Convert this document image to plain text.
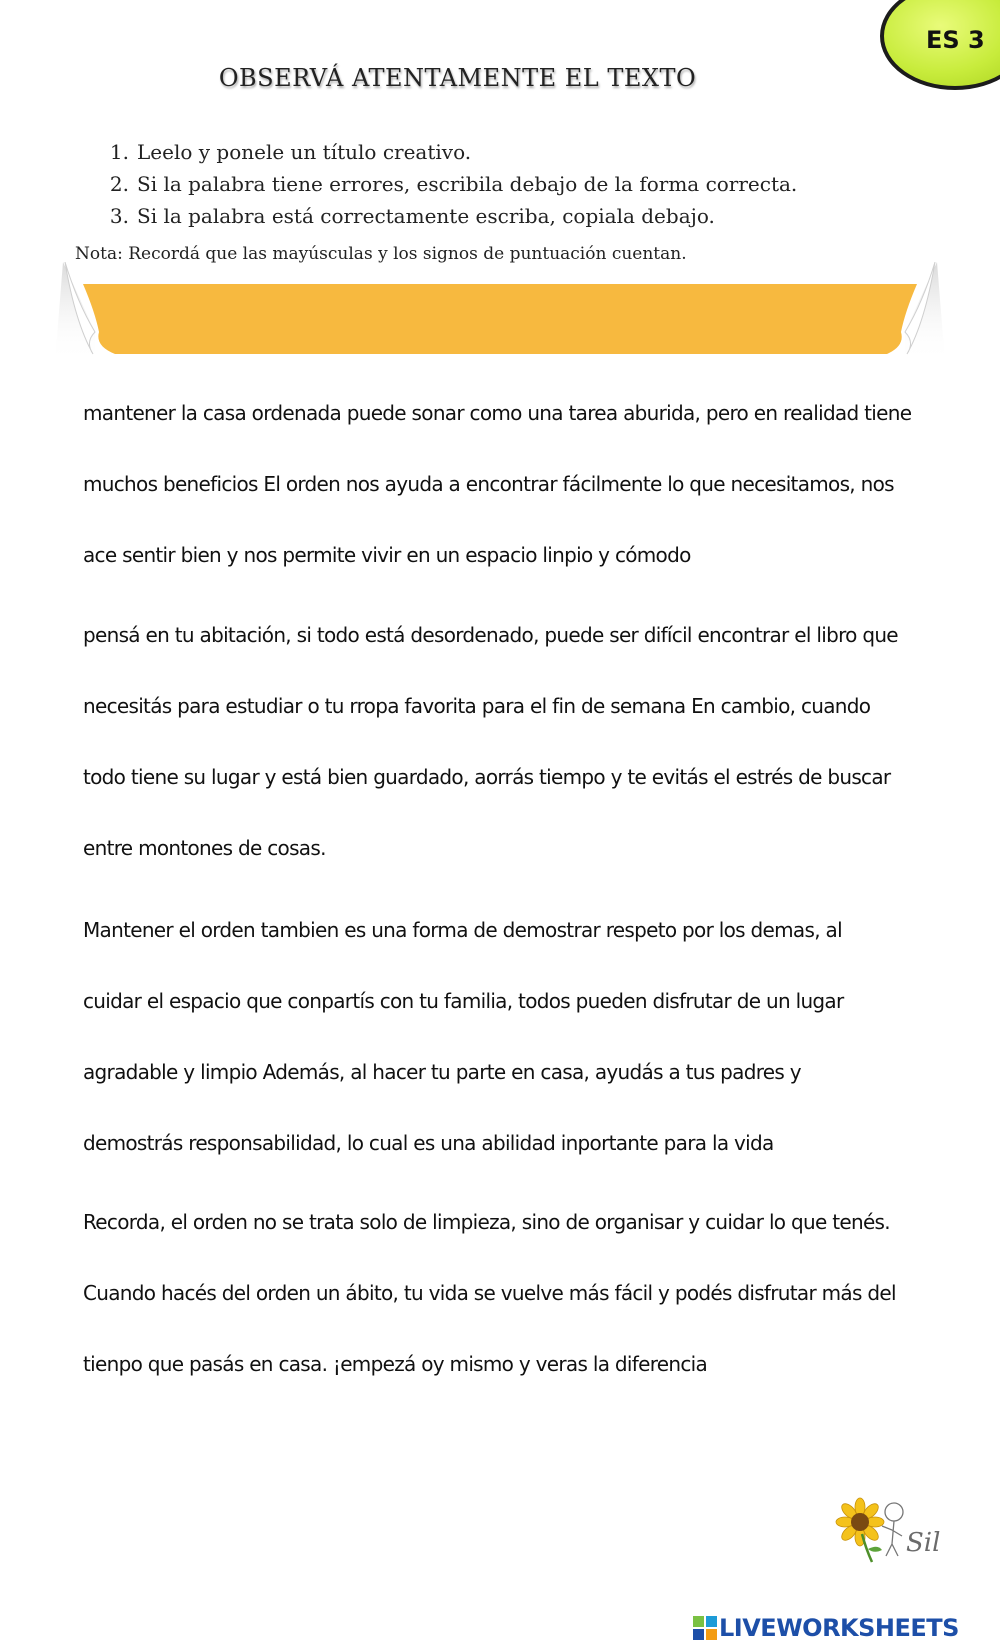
ES 3
OBSERVÁ ATENTAMENTE EL TEXTO
1. Leelo y ponele un título creativo.
2. Si la palabra tiene errores, escribila debajo de la forma correcta.
3. Si la palabra está correctamente escriba, copiala debajo.
Nota: Recordá que las mayúsculas y los signos de puntuación cuentan.

mantener la casa ordenada puede sonar como una tarea aburida, pero en realidad tiene

muchos beneficios El orden nos ayuda a encontrar fácilmente lo que necesitamos, nos

ace sentir bien y nos permite vivir en un espacio linpio y cómodo

pensá en tu abitación, si todo está desordenado, puede ser difícil encontrar el libro que

necesitás para estudiar o tu rropa favorita para el fin de semana En cambio, cuando

todo tiene su lugar y está bien guardado, aorrás tiempo y te evitás el estrés de buscar

entre montones de cosas.

Mantener el orden tambien es una forma de demostrar respeto por los demas, al

cuidar el espacio que conpartís con tu familia, todos pueden disfrutar de un lugar

agradable y limpio Además, al hacer tu parte en casa, ayudás a tus padres y

demostrás responsabilidad, lo cual es una abilidad inportante para la vida

Recorda, el orden no se trata solo de limpieza, sino de organisar y cuidar lo que tenés.

Cuando hacés del orden un ábito, tu vida se vuelve más fácil y podés disfrutar más del

tienpo que pasás en casa. ¡empezá oy mismo y veras la diferencia

Sil
LIVEWORKSHEETS
